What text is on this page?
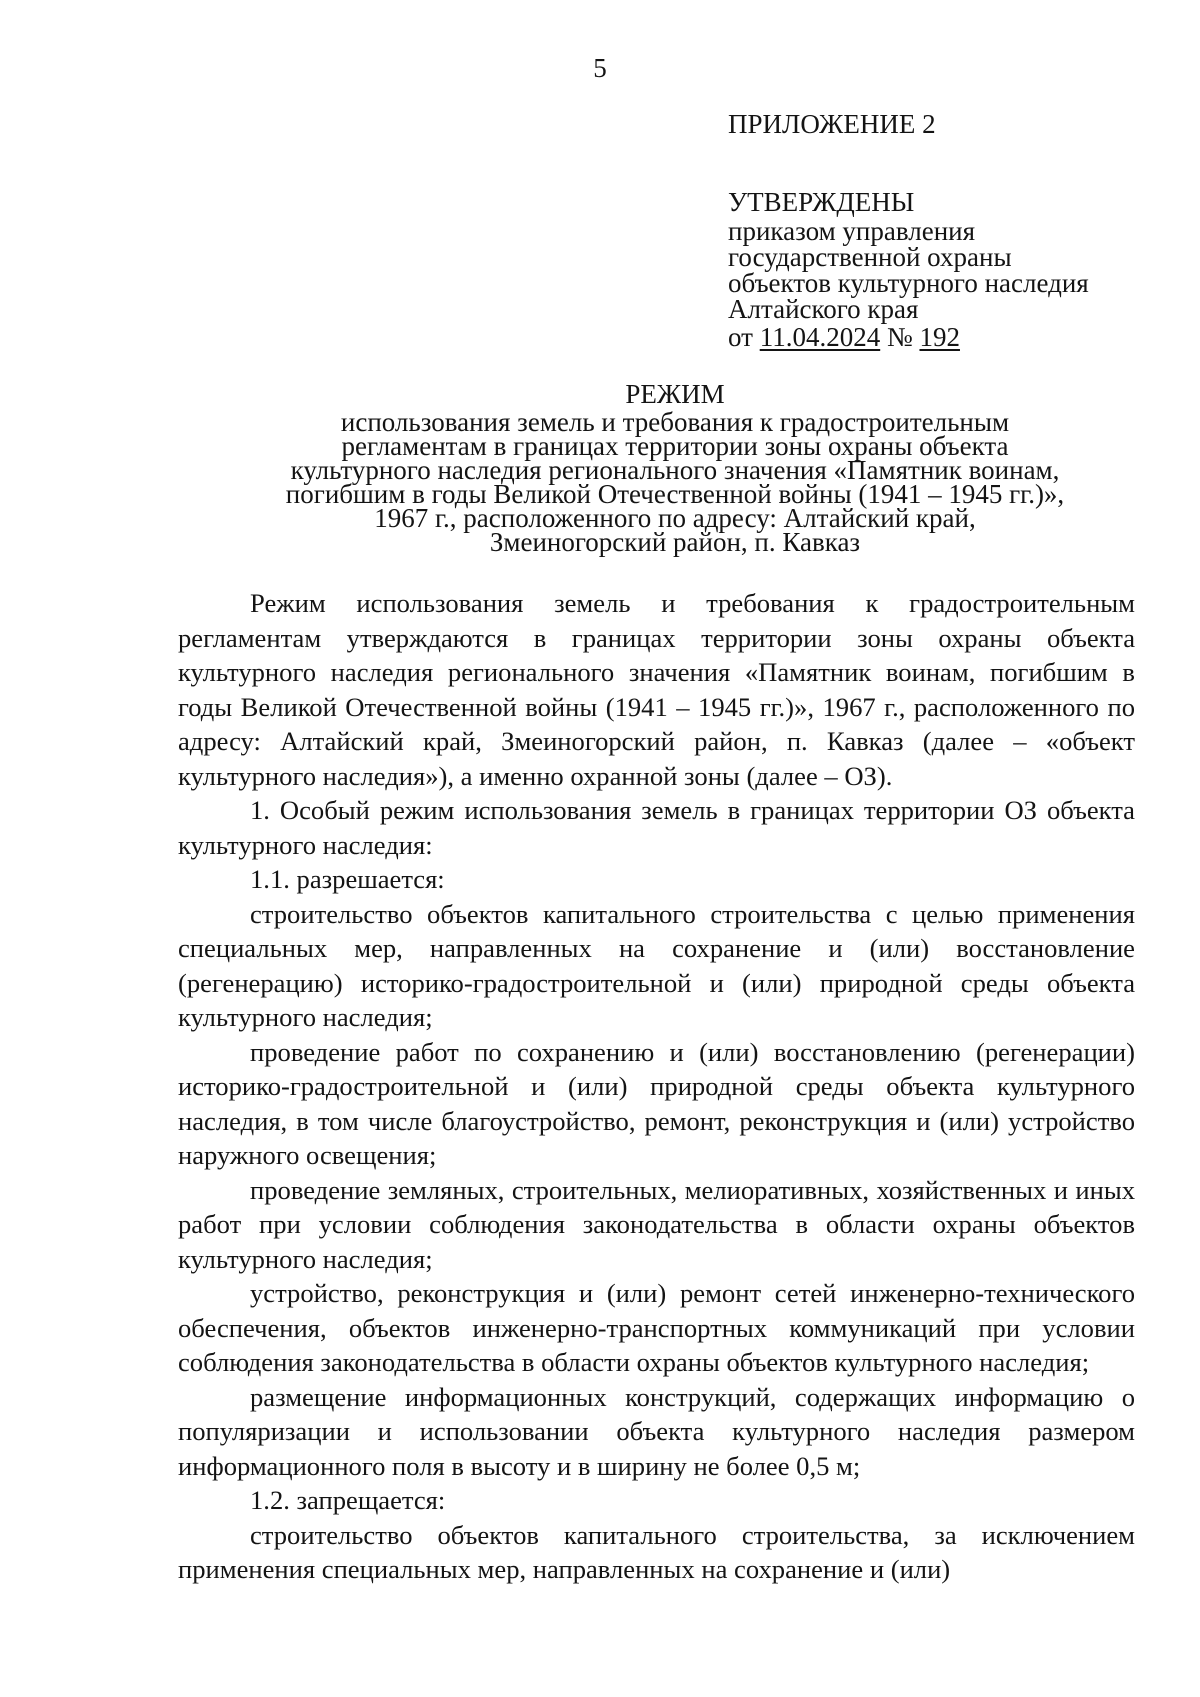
5

ПРИЛОЖЕНИЕ 2

УТВЕРЖДЕНЫ

приказом управления

государственной охраны

объектов культурного наследия

Алтайского края

от 11.04.2024 № 192

РЕЖИМ

использования земель и требования к градостроительным

регламентам в границах территории зоны охраны объекта

культурного наследия регионального значения «Памятник воинам,

погибшим в годы Великой Отечественной войны (1941 – 1945 гг.)»,

1967 г., расположенного по адресу: Алтайский край,

Змеиногорский район, п. Кавказ

Режим использования земель и требования к градостроительным регламентам утверждаются в границах территории зоны охраны объекта культурного наследия регионального значения «Памятник воинам, погибшим в годы Великой Отечественной войны (1941 – 1945 гг.)», 1967 г., расположенного по адресу: Алтайский край, Змеиногорский район, п. Кавказ (далее – «объект культурного наследия»), а именно охранной зоны (далее – ОЗ).

1. Особый режим использования земель в границах территории ОЗ объекта культурного наследия:

1.1. разрешается:

строительство объектов капитального строительства с целью применения специальных мер, направленных на сохранение и (или) восстановление (регенерацию) историко-градостроительной и (или) природной среды объекта культурного наследия;

проведение работ по сохранению и (или) восстановлению (регенерации) историко-градостроительной и (или) природной среды объекта культурного наследия, в том числе благоустройство, ремонт, реконструкция и (или) устройство наружного освещения;

проведение земляных, строительных, мелиоративных, хозяйственных и иных работ при условии соблюдения законодательства в области охраны объектов культурного наследия;

устройство, реконструкция и (или) ремонт сетей инженерно-технического обеспечения, объектов инженерно-транспортных коммуникаций при условии соблюдения законодательства в области охраны объектов культурного наследия;

размещение информационных конструкций, содержащих информацию о популяризации и использовании объекта культурного наследия размером информационного поля в высоту и в ширину не более 0,5 м;

1.2. запрещается:

строительство объектов капитального строительства, за исключением применения специальных мер, направленных на сохранение и (или)
